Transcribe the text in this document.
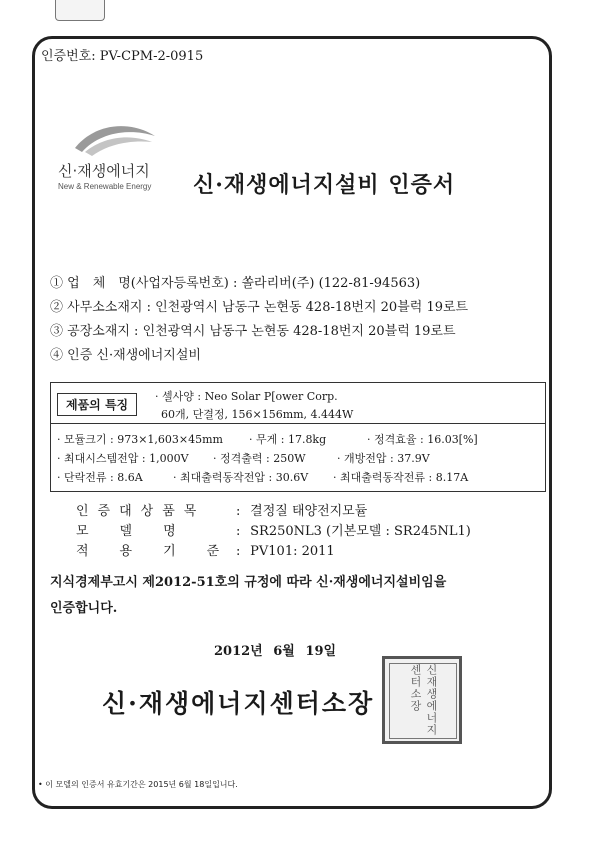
인증번호: PV-CPM-2-0915
신·재생에너지
New & Renewable Energy	신·재생에너지설비 인증서
① 업　체　명(사업자등록번호) : 쏠라리버(주) (122-81-94563)
② 사무소소재지 : 인천광역시 남동구 논현동 428-18번지 20블럭 19로트
③ 공장소재지 : 인천광역시 남동구 논현동 428-18번지 20블럭 19로트
④ 인증 신·재생에너지설비
제품의 특징
· 셀사양 : Neo Solar P[ower Corp.
60개, 단결정, 156×156mm, 4.444W
· 모듈크기 : 973×1,603×45mm · 무게 : 17.8kg	· 정격효율 : 16.03[%]
· 최대시스템전압 : 1,000V · 정격출력 : 250W	· 개방전압 : 37.9V
· 단락전류 : 8.6A	· 최대출력동작전압 : 30.6V · 최대출력동작전류 : 8.17A
인증대상품목 : 결정질 태양전지모듈
모　델　명	: SR250NL3 (기본모델 : SR245NL1)
적　용　기　준 : PV101: 2011
지식경제부고시 제2012-51호의 규정에 따라 신·재생에너지설비임을
인증합니다.
2012년 6월 19일
신재생에너지센터소장
신·재생에너지센터소장
• 이 모델의 인증서 유효기간은 2015년 6월 18일입니다.
